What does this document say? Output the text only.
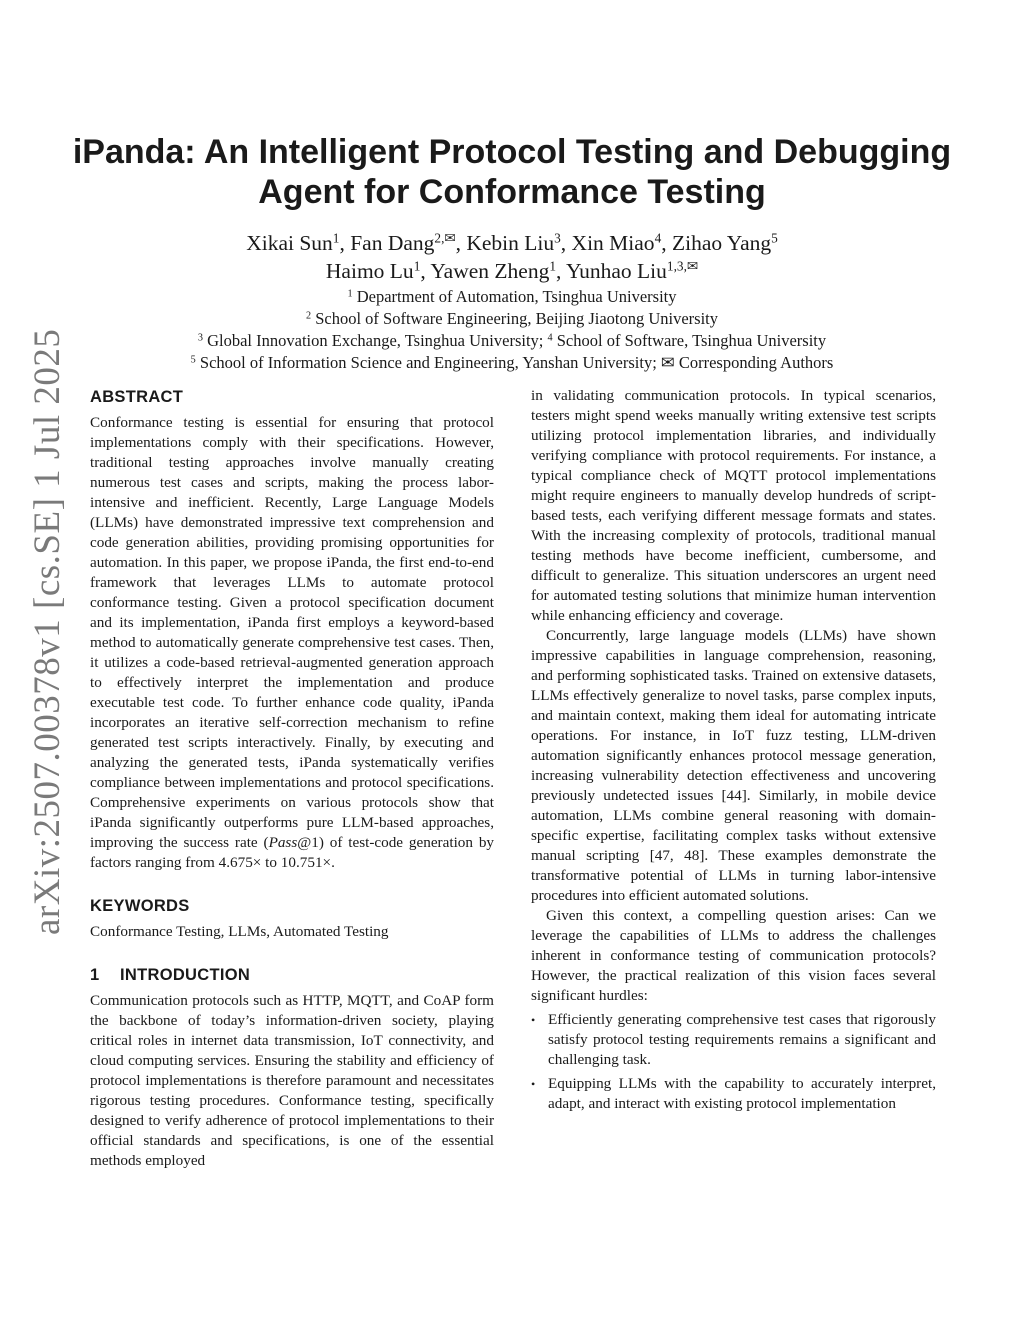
arXiv:2507.00378v1 [cs.SE] 1 Jul 2025
iPanda: An Intelligent Protocol Testing and Debugging
Agent for Conformance Testing
Xikai Sun$^1$, Fan Dang$^{2,✉}$, Kebin Liu$^3$, Xin Miao$^4$, Zihao Yang$^5$
Haimo Lu$^1$, Yawen Zheng$^1$, Yunhao Liu$^{1,3,✉}$
$^1$ Department of Automation, Tsinghua University
$^2$ School of Software Engineering, Beijing Jiaotong University
$^3$ Global Innovation Exchange, Tsinghua University; $^4$ School of Software, Tsinghua University
$^5$ School of Information Science and Engineering, Yanshan University; ✉ Corresponding Authors
ABSTRACT

Conformance testing is essential for ensuring that protocol implementations comply with their specifications. However, traditional testing approaches involve manually creating numerous test cases and scripts, making the process labor-intensive and inefficient. Recently, Large Language Models (LLMs) have demonstrated impressive text comprehension and code generation abilities, providing promising opportunities for automation. In this paper, we propose iPanda, the first end-to-end framework that leverages LLMs to automate protocol conformance testing. Given a protocol specification document and its implementation, iPanda first employs a keyword-based method to automatically generate comprehensive test cases. Then, it utilizes a code-based retrieval-augmented generation approach to effectively interpret the implementation and produce executable test code. To further enhance code quality, iPanda incorporates an iterative self-correction mechanism to refine generated test scripts interactively. Finally, by executing and analyzing the generated tests, iPanda systematically verifies compliance between implementations and protocol specifications. Comprehensive experiments on various protocols show that iPanda significantly outperforms pure LLM-based approaches, improving the success rate (Pass@1) of test-code generation by factors ranging from 4.675× to 10.751×.

KEYWORDS

Conformance Testing, LLMs, Automated Testing

1 INTRODUCTION

Communication protocols such as HTTP, MQTT, and CoAP form the backbone of today’s information-driven society, playing critical roles in internet data transmission, IoT connectivity, and cloud computing services. Ensuring the stability and efficiency of protocol implementations is therefore paramount and necessitates rigorous testing procedures. Conformance testing, specifically designed to verify adherence of protocol implementations to their official standards and specifications, is one of the essential methods employed

in validating communication protocols. In typical scenarios, testers might spend weeks manually writing extensive test scripts utilizing protocol implementation libraries, and individually verifying compliance with protocol requirements. For instance, a typical compliance check of MQTT protocol implementations might require engineers to manually develop hundreds of script-based tests, each verifying different message formats and states. With the increasing complexity of protocols, traditional manual testing methods have become inefficient, cumbersome, and difficult to generalize. This situation underscores an urgent need for automated testing solutions that minimize human intervention while enhancing efficiency and coverage.

Concurrently, large language models (LLMs) have shown impressive capabilities in language comprehension, reasoning, and performing sophisticated tasks. Trained on extensive datasets, LLMs effectively generalize to novel tasks, parse complex inputs, and maintain context, making them ideal for automating intricate operations. For instance, in IoT fuzz testing, LLM-driven automation significantly enhances protocol message generation, increasing vulnerability detection effectiveness and uncovering previously undetected issues [44]. Similarly, in mobile device automation, LLMs combine general reasoning with domain-specific expertise, facilitating complex tasks without extensive manual scripting [47, 48]. These examples demonstrate the transformative potential of LLMs in turning labor-intensive procedures into efficient automated solutions.

Given this context, a compelling question arises: Can we leverage the capabilities of LLMs to address the challenges inherent in conformance testing of communication protocols? However, the practical realization of this vision faces several significant hurdles:

• Efficiently generating comprehensive test cases that rigorously satisfy protocol testing requirements remains a significant and challenging task.
• Equipping LLMs with the capability to accurately interpret, adapt, and interact with existing protocol implementation
